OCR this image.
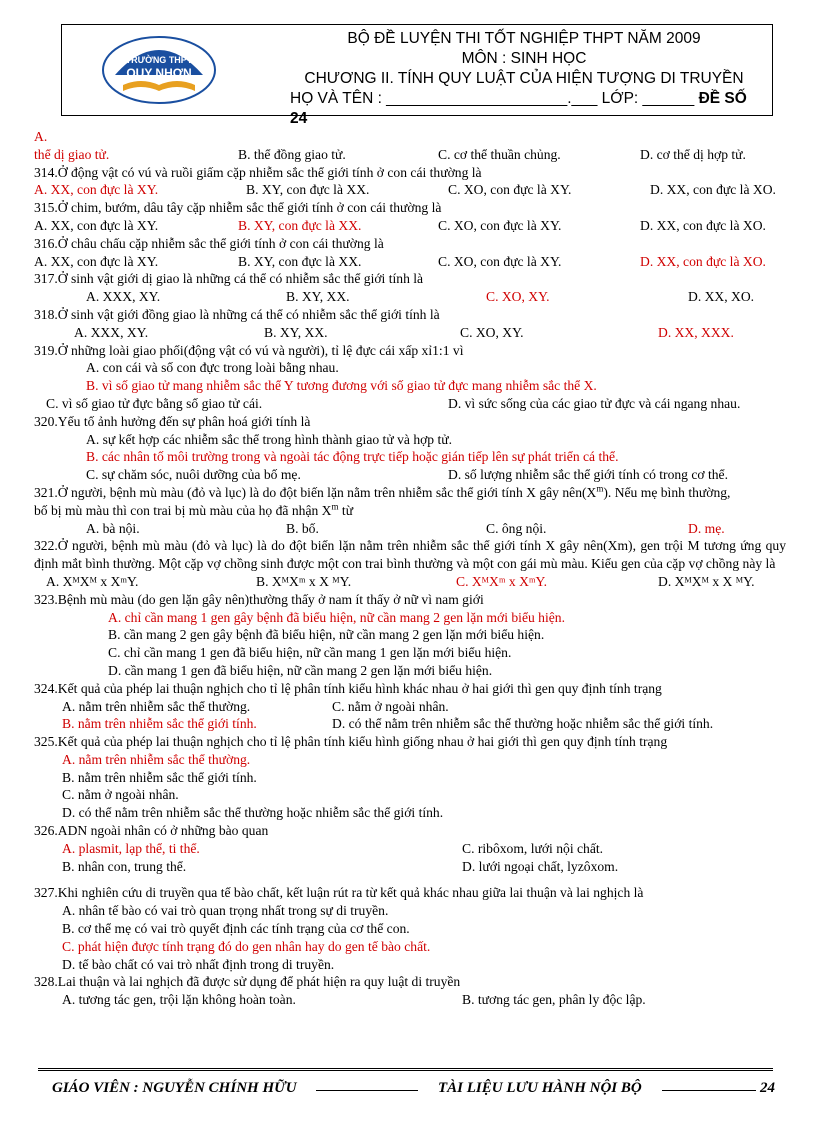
TRƯỜNG THPT
QUY NHƠN
BỘ ĐỀ LUYỆN THI TỐT NGHIỆP THPT NĂM 2009
MÔN : SINH HỌC
CHƯƠNG II. TÍNH QUY LUẬT CỦA HIỆN TƯỢNG DI TRUYỀN
HỌ VÀ TÊN : _____________________.___ LỚP: ______ ĐỀ SỐ 24
A.
thể dị giao tử.	B. thể đồng giao tử.	C. cơ thể thuần chủng.	D. cơ thể dị hợp tử.
314.Ở động vật có vú và ruồi giấm cặp nhiễm sắc thể giới tính ở con cái thường là
A. XX, con đực là XY.	B. XY, con đực là XX.	C. XO, con đực là XY.	D. XX, con đực là XO.
315.Ở chim, bướm, dâu tây cặp nhiễm sắc thể giới tính ở con cái thường là
A. XX, con đực là XY.	B. XY, con đực là XX.	C. XO, con đực là XY.	D. XX, con đực là XO.
316.Ở châu chấu cặp nhiễm sắc thể giới tính ở con cái thường là
A. XX, con đực là XY.	B. XY, con đực là XX.	C. XO, con đực là XY.	D. XX, con đực là XO.
317.Ở sinh vật giới dị giao là những cá thể có nhiễm sắc thể giới tính là
A. XXX, XY.	B. XY, XX.	C. XO, XY.	D. XX, XO.
318.Ở sinh vật giới đồng giao là những cá thể có nhiễm sắc thể giới tính là
A. XXX, XY.	B. XY, XX.	C. XO, XY.	D. XX, XXX.
319.Ở những loài giao phối(động vật có vú và người), tỉ lệ đực cái xấp xỉ1:1 vì
A. con cái và số con đực trong loài bằng nhau.
B. vì số giao tử mang nhiễm sắc thể Y tương đương với số giao tử đực mang nhiễm sắc thể X.
C. vì số giao tử đực bằng số giao tử cái.	D. vì sức sống của các giao tử đực và cái ngang nhau.
320.Yếu tố ảnh hưởng đến sự phân hoá giới tính là
A. sự kết hợp các nhiễm sắc thể trong hình thành giao tử và hợp tử.
B. các nhân tố môi trường trong và ngoài tác động trực tiếp hoặc gián tiếp lên sự phát triển cá thể.
C. sự chăm sóc, nuôi dưỡng của bố mẹ.	D. số lượng nhiễm sắc thể giới tính có trong cơ thể.
321.Ở người, bệnh mù màu (đỏ và lục) là do đột biến lặn nằm trên nhiễm sắc thể giới tính X gây $nên(X^m)$. Nếu mẹ bình thường,
bố bị mù màu thì con trai bị mù màu của họ đã nhận $X^m$ từ
A. bà nội.	B. bố.	C. ông nội.	D. mẹ.
322.Ở người, bệnh mù màu (đỏ và lục) là do đột biến lặn nằm trên nhiễm sắc thể giới tính X gây nên(Xm), gen trội M tương ứng quy định mắt bình thường. Một cặp vợ chồng sinh được một con trai bình thường và một con gái mù màu. Kiểu gen của cặp vợ chồng này là
A. XᴹXᴹ x XᵐY.	B. XᴹXᵐ x X ᴹY.	C. XᴹXᵐ x XᵐY.	D. XᴹXᴹ x X ᴹY.
323.Bệnh mù màu (do gen lặn gây nên)thường thấy ở nam ít thấy ở nữ vì nam giới
A. chỉ cần mang 1 gen gây bệnh đã biểu hiện, nữ cần mang 2 gen lặn mới biểu hiện.
B. cần mang 2 gen gây bệnh đã biểu hiện, nữ cần mang 2 gen lặn mới biểu hiện.
C. chỉ cần mang 1 gen đã biểu hiện, nữ cần mang 1 gen lặn mới biểu hiện.
D. cần mang 1 gen đã biểu hiện, nữ cần mang 2 gen lặn mới biểu hiện.
324.Kết quả của phép lai thuận nghịch cho tỉ lệ phân tính kiểu hình khác nhau ở hai giới thì gen quy định tính trạng
A. nằm trên nhiễm sắc thể thường.	C. nằm ở ngoài nhân.
B. nằm trên nhiễm sắc thể giới tính.	D. có thể nằm trên nhiễm sắc thể thường hoặc nhiễm sắc thể giới tính.
325.Kết quả của phép lai thuận nghịch cho tỉ lệ phân tính kiểu hình giống nhau ở hai giới thì gen quy định tính trạng
A. nằm trên nhiễm sắc thể thường.
B. nằm trên nhiễm sắc thể giới tính.
C. nằm ở ngoài nhân.
D. có thể nằm trên nhiễm sắc thể thường hoặc nhiễm sắc thể giới tính.
326.ADN ngoài nhân có ở những bào quan
A. plasmit, lạp thể, ti thể.	C. ribôxom, lưới nội chất.
B. nhân con, trung thể.	D. lưới ngoại chất, lyzôxom.
327.Khi nghiên cứu di truyền qua tế bào chất, kết luận rút ra từ kết quả khác nhau giữa lai thuận và lai nghịch là
A. nhân tế bào có vai trò quan trọng nhất trong sự di truyền.
B. cơ thể mẹ có vai trò quyết định các tính trạng của cơ thể con.
C. phát hiện được tính trạng đó do gen nhân hay do gen tế bào chất.
D. tế bào chất có vai trò nhất định trong di truyền.
328.Lai thuận và lai nghịch đã được sử dụng để phát hiện ra quy luật di truyền
A. tương tác gen, trội lặn không hoàn toàn.	B. tương tác gen, phân ly độc lập.
GIÁO VIÊN : NGUYỄN CHÍNH HỮU	TÀI LIỆU LƯU HÀNH NỘI BỘ	24
